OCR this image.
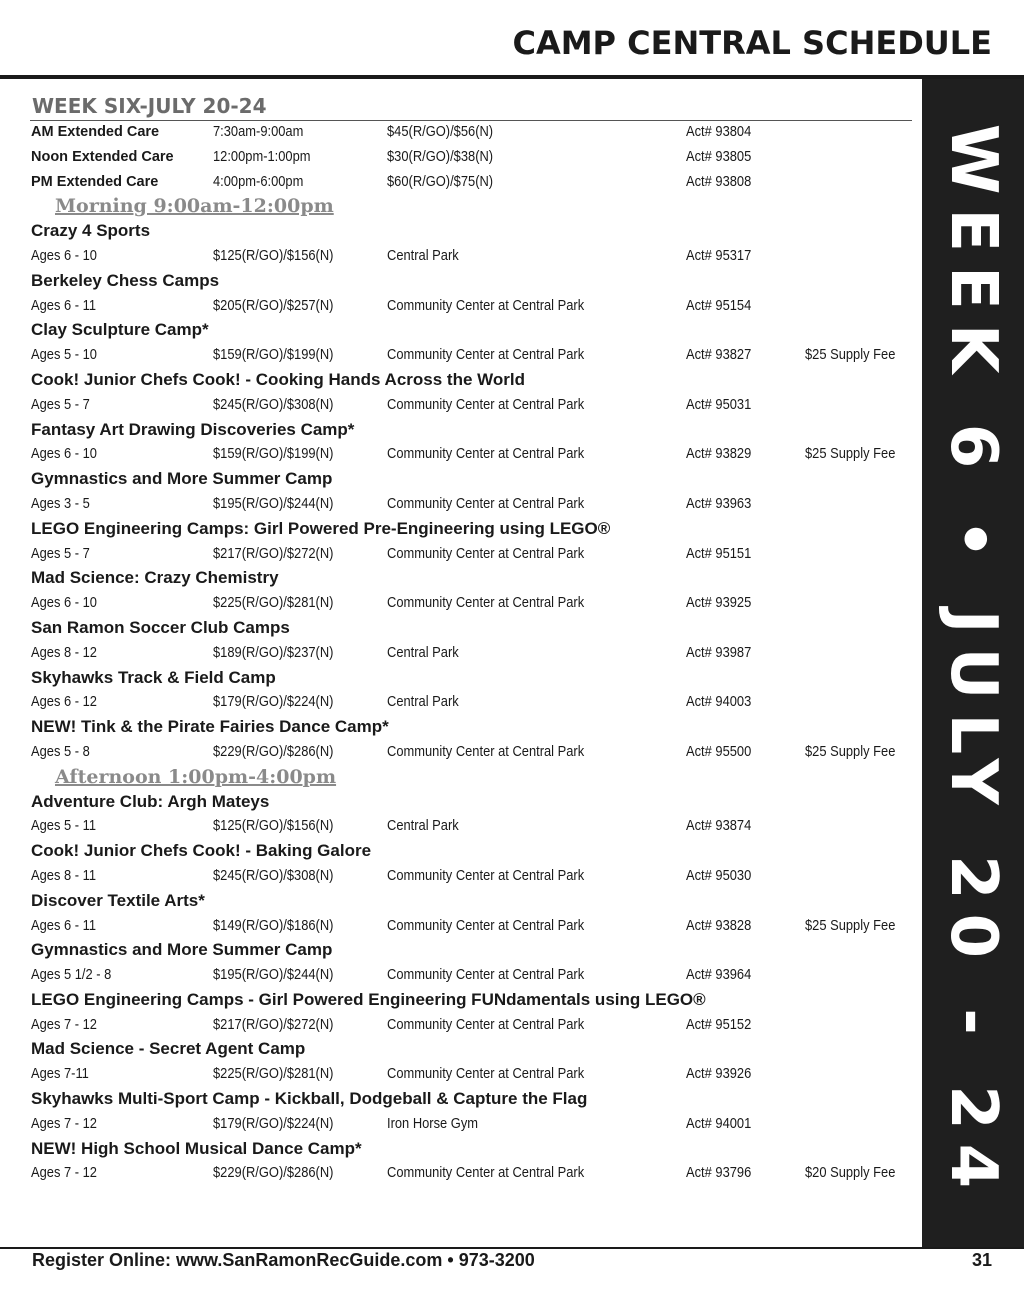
CAMP CENTRAL SCHEDULE
WEEK 6 • JULY 20 - 24
WEEK SIX-JULY 20-24
AM Extended Care	7:30am-9:00am	$45(R/GO)/$56(N)	Act# 93804
Noon Extended Care	12:00pm-1:00pm	$30(R/GO)/$38(N)	Act# 93805
PM Extended Care	4:00pm-6:00pm	$60(R/GO)/$75(N)	Act# 93808
Morning 9:00am-12:00pm
Crazy 4 Sports
Ages 6 - 10	$125(R/GO)/$156(N)	Central Park	Act# 95317
Berkeley Chess Camps
Ages 6 - 11	$205(R/GO)/$257(N)	Community Center at Central Park	Act# 95154
Clay Sculpture Camp*
Ages 5 - 10	$159(R/GO)/$199(N)	Community Center at Central Park	Act# 93827	$25 Supply Fee
Cook! Junior Chefs Cook! - Cooking Hands Across the World
Ages 5 - 7	$245(R/GO)/$308(N)	Community Center at Central Park	Act# 95031
Fantasy Art Drawing Discoveries Camp*
Ages 6 - 10	$159(R/GO)/$199(N)	Community Center at Central Park	Act# 93829	$25 Supply Fee
Gymnastics and More Summer Camp
Ages 3 - 5	$195(R/GO)/$244(N)	Community Center at Central Park	Act# 93963
LEGO Engineering Camps: Girl Powered Pre-Engineering using LEGO®
Ages 5 - 7	$217(R/GO)/$272(N)	Community Center at Central Park	Act# 95151
Mad Science: Crazy Chemistry
Ages 6 - 10	$225(R/GO)/$281(N)	Community Center at Central Park	Act# 93925
San Ramon Soccer Club Camps
Ages 8 - 12	$189(R/GO)/$237(N)	Central Park	Act# 93987
Skyhawks Track & Field Camp
Ages 6 - 12	$179(R/GO)/$224(N)	Central Park	Act# 94003
NEW! Tink & the Pirate Fairies Dance Camp*
Ages 5 - 8	$229(R/GO)/$286(N)	Community Center at Central Park	Act# 95500	$25 Supply Fee
Afternoon 1:00pm-4:00pm
Adventure Club: Argh Mateys
Ages 5 - 11	$125(R/GO)/$156(N)	Central Park	Act# 93874
Cook! Junior Chefs Cook! - Baking Galore
Ages 8 - 11	$245(R/GO)/$308(N)	Community Center at Central Park	Act# 95030
Discover Textile Arts*
Ages 6 - 11	$149(R/GO)/$186(N)	Community Center at Central Park	Act# 93828	$25 Supply Fee
Gymnastics and More Summer Camp
Ages 5 1/2 - 8	$195(R/GO)/$244(N)	Community Center at Central Park	Act# 93964
LEGO Engineering Camps - Girl Powered Engineering FUNdamentals using LEGO®
Ages 7 - 12	$217(R/GO)/$272(N)	Community Center at Central Park	Act# 95152
Mad Science - Secret Agent Camp
Ages 7-11	$225(R/GO)/$281(N)	Community Center at Central Park	Act# 93926
Skyhawks Multi-Sport Camp - Kickball, Dodgeball & Capture the Flag
Ages 7 - 12	$179(R/GO)/$224(N)	Iron Horse Gym	Act# 94001
NEW! High School Musical Dance Camp*
Ages 7 - 12	$229(R/GO)/$286(N)	Community Center at Central Park	Act# 93796	$20 Supply Fee
Register Online: www.SanRamonRecGuide.com • 973-3200	31
